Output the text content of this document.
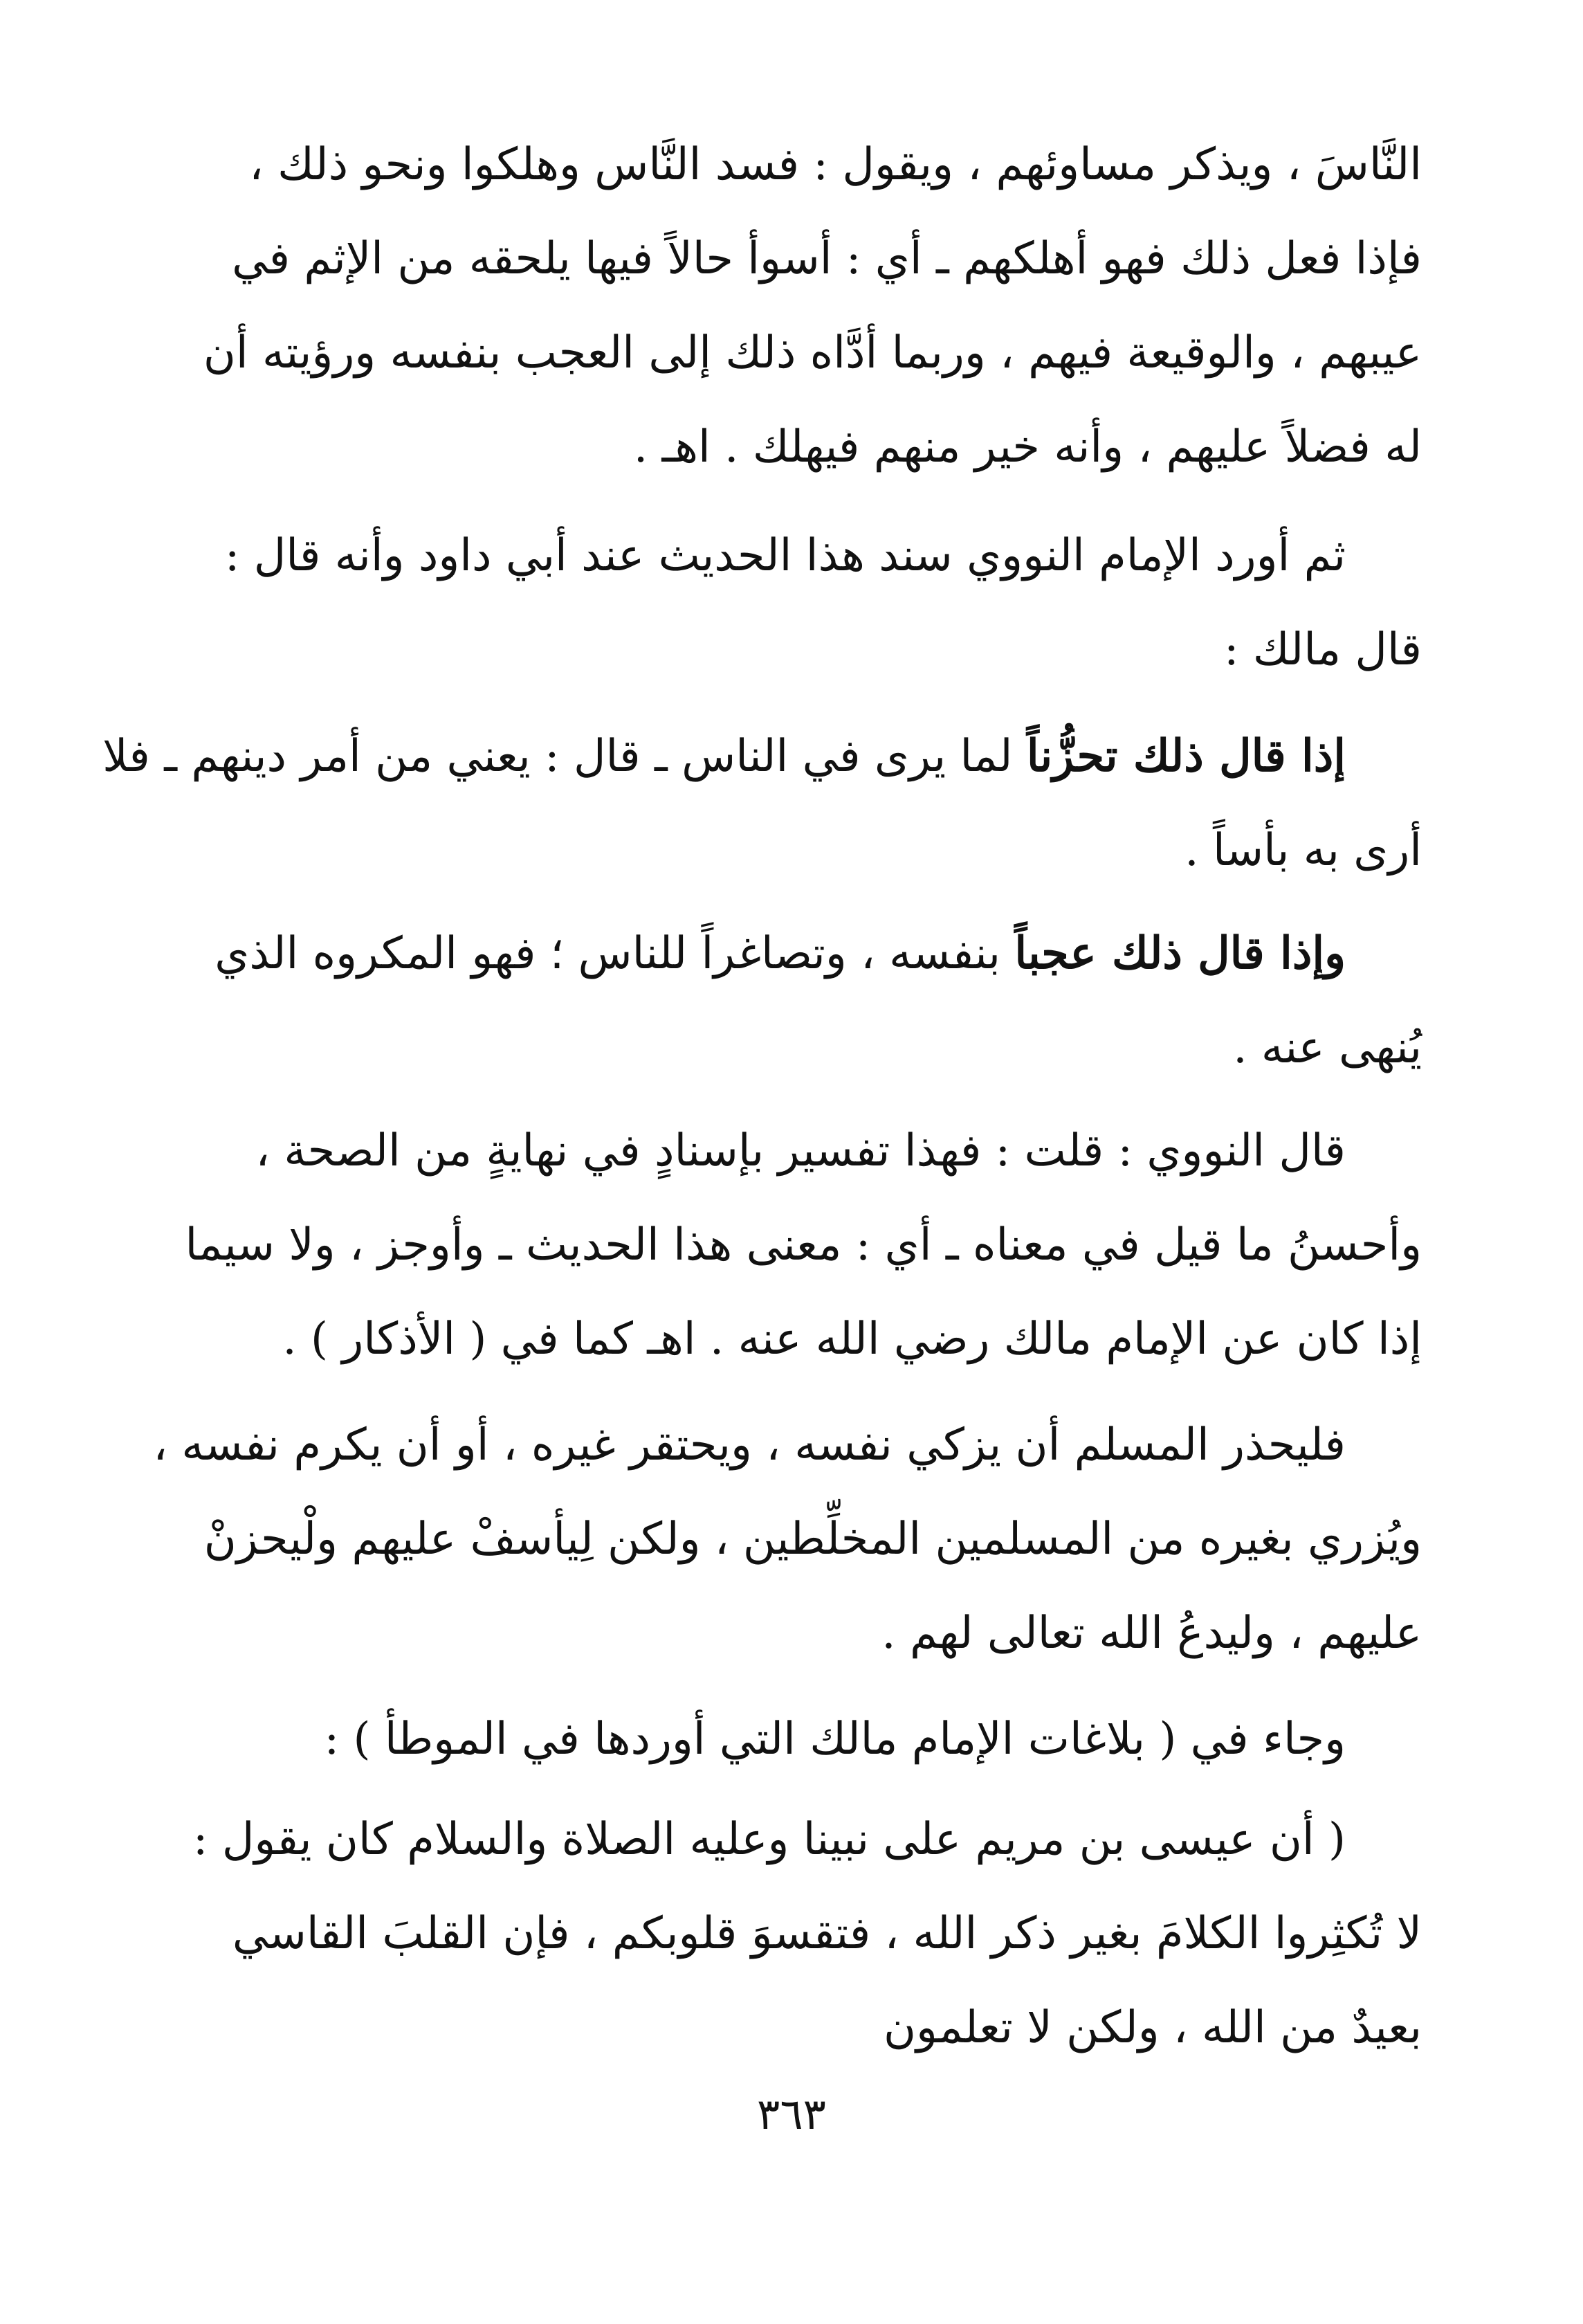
النَّاسَ ، ويذكر مساوئهم ، ويقول : فسد النَّاس وهلكوا ونحو ذلك ،
فإذا فعل ذلك فهو أهلكهم ـ أي : أسوأ حالاً فيها يلحقه من الإثم في
عيبهم ، والوقيعة فيهم ، وربما أدَّاه ذلك إلى العجب بنفسه ورؤيته أن
له فضلاً عليهم ، وأنه خير منهم فيهلك . اهـ .
ثم أورد الإمام النووي سند هذا الحديث عند أبي داود وأنه قال :
قال مالك :
إذا قال ذلك تحزُّناً لما يرى في الناس ـ قال : يعني من أمر دينهم ـ فلا
أرى به بأساً .
وإذا قال ذلك عجباً بنفسه ، وتصاغراً للناس ؛ فهو المكروه الذي
يُنهى عنه .
قال النووي : قلت : فهذا تفسير بإسنادٍ في نهايةٍ من الصحة ،
وأحسنُ ما قيل في معناه ـ أي : معنى هذا الحديث ـ وأوجز ، ولا سيما
إذا كان عن الإمام مالك رضي الله عنه . اهـ كما في ( الأذكار ) .
فليحذر المسلم أن يزكي نفسه ، ويحتقر غيره ، أو أن يكرم نفسه ،
ويُزري بغيره من المسلمين المخلِّطين ، ولكن لِيأسفْ عليهم ولْيحزنْ
عليهم ، وليدعُ الله تعالى لهم .
وجاء في ( بلاغات الإمام مالك التي أوردها في الموطأ ) :
( أن عيسى بن مريم على نبينا وعليه الصلاة والسلام كان يقول :
لا تُكثِروا الكلامَ بغير ذكر الله ، فتقسوَ قلوبكم ، فإن القلبَ القاسي
بعيدٌ من الله ، ولكن لا تعلمون
٣٦٣
